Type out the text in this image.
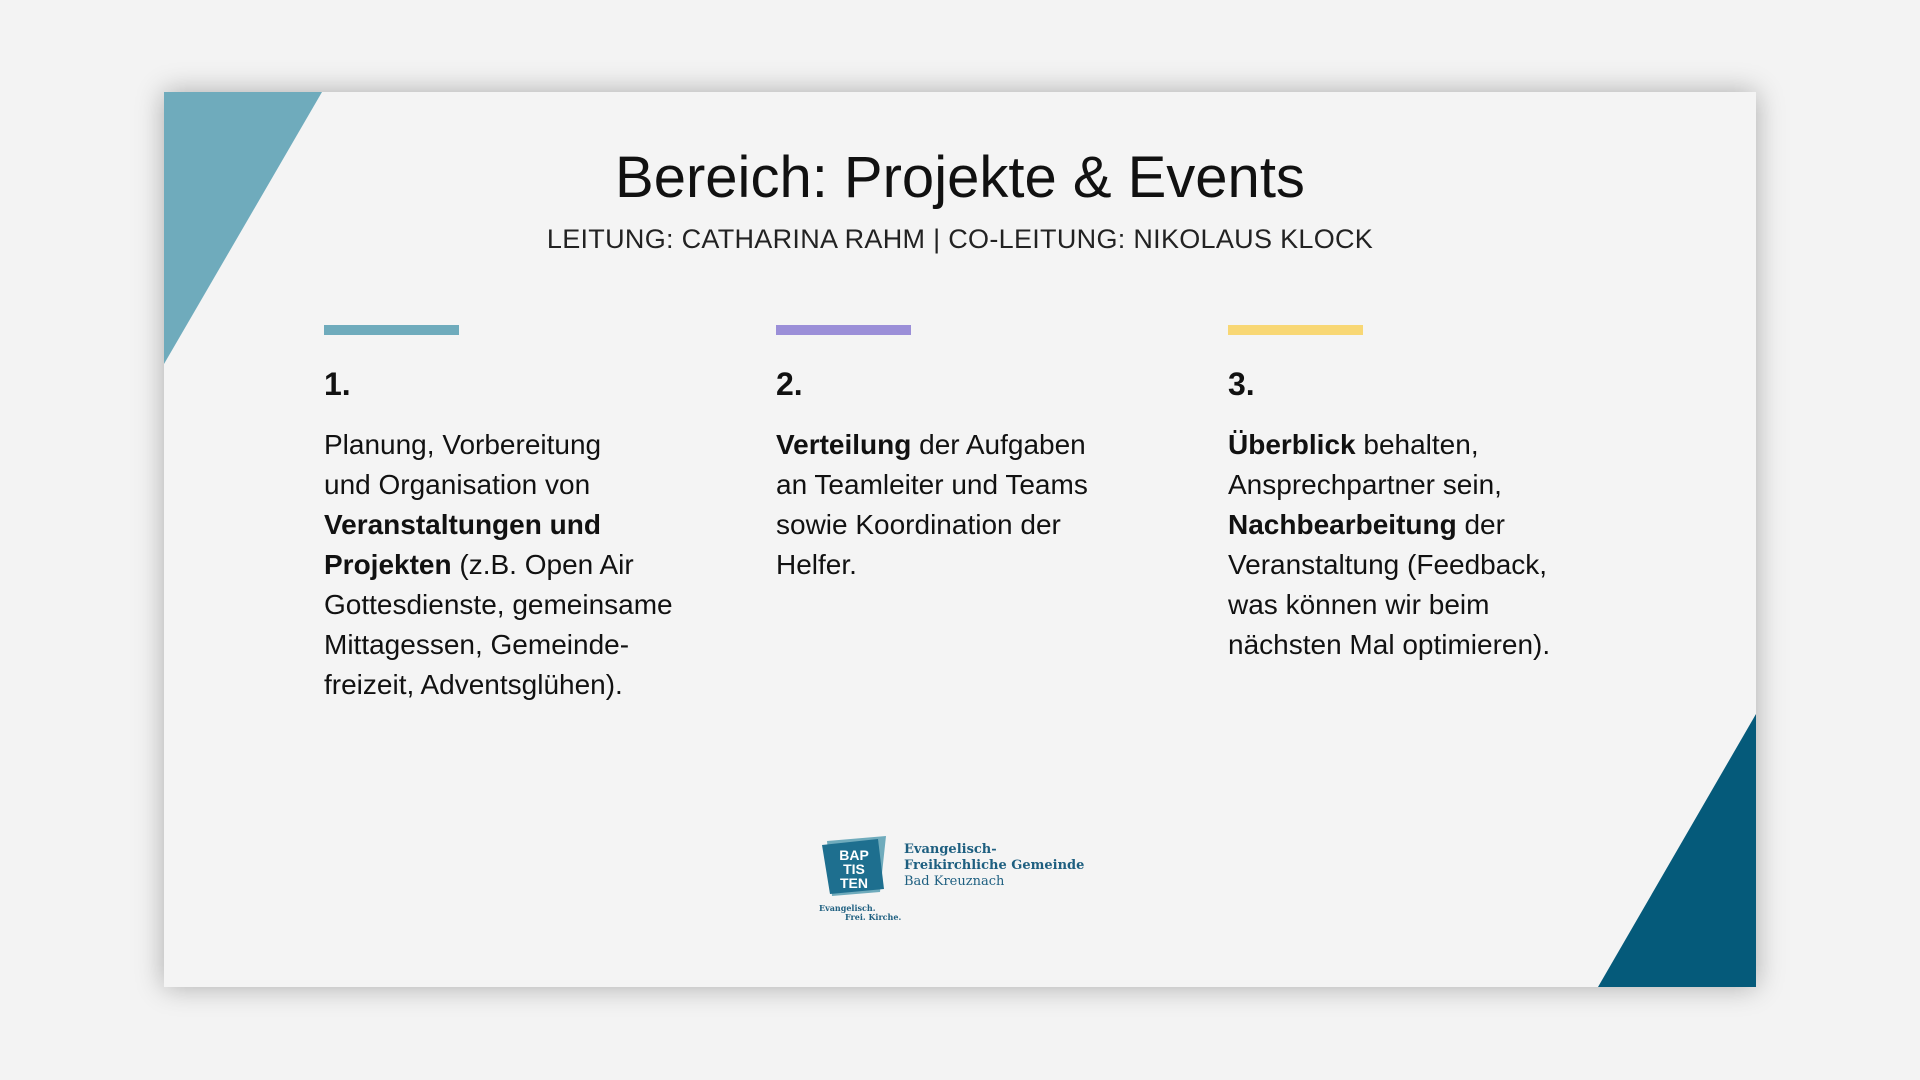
Bereich: Projekte & Events
LEITUNG: CATHARINA RAHM | CO-LEITUNG: NIKOLAUS KLOCK
1.
Planung, Vorbereitung
und Organisation von
Veranstaltungen und
Projekten (z.B. Open Air
Gottesdienste, gemeinsame
Mittagessen, Gemeinde-
freizeit, Adventsglühen).
2.
Verteilung der Aufgaben
an Teamleiter und Teams
sowie Koordination der
Helfer.
3.
Überblick behalten,
Ansprechpartner sein,
Nachbearbeitung der
Veranstaltung (Feedback,
was können wir beim
nächsten Mal optimieren).
BAP
TIS
TEN
Evangelisch.
Frei. Kirche.
Evangelisch-
Freikirchliche Gemeinde
Bad Kreuznach
